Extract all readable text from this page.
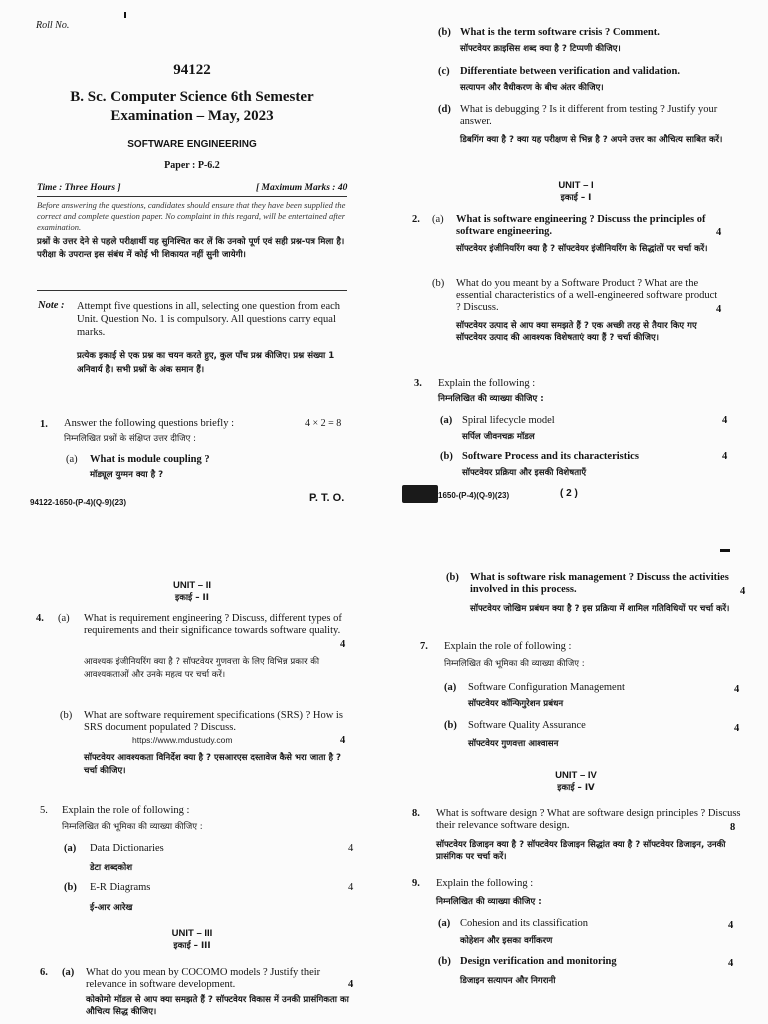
Roll No.
94122
B. Sc. Computer Science 6th Semester
Examination – May, 2023
SOFTWARE ENGINEERING
Paper : P-6.2
Time : Three Hours ]	[ Maximum Marks : 40
Before answering the questions, candidates should ensure that they have been supplied the correct and complete question paper. No complaint in this regard, will be entertained after examination.
प्रश्नों के उत्तर देने से पहले परीक्षार्थी यह सुनिश्चित कर लें कि उनको पूर्ण एवं सही प्रश्न-पत्र मिला है। परीक्षा के उपरान्त इस संबंध में कोई भी शिकायत नहीं सुनी जायेगी।
Note : Attempt five questions in all, selecting one question from each Unit. Question No. 1 is compulsory. All questions carry equal marks.
प्रत्येक इकाई से एक प्रश्न का चयन करते हुए, कुल पाँच प्रश्न कीजिए। प्रश्न संख्या 1 अनिवार्य है। सभी प्रश्नों के अंक समान हैं।
1. Answer the following questions briefly :	4 × 2 = 8
निम्नलिखित प्रश्नों के संक्षिप्त उत्तर दीजिए :
(a) What is module coupling ?
मॉड्यूल युग्मन क्या है ?
94122-1650-(P-4)(Q-9)(23)	P. T. O.
(b) What is the term software crisis ? Comment.
सॉफ्टवेयर क्राइसिस शब्द क्या है ? टिप्पणी कीजिए।
(c) Differentiate between verification and validation.
सत्यापन और वैधीकरण के बीच अंतर कीजिए।
(d) What is debugging ? Is it different from testing ? Justify your answer.
डिबगिंग क्या है ? क्या यह परीक्षण से भिन्न है ? अपने उत्तर का औचित्य साबित करें।
UNIT – I
इकाई – I
2. (a) What is software engineering ? Discuss the principles of software engineering.	4
सॉफ्टवेयर इंजीनियरिंग क्या है ? सॉफ्टवेयर इंजीनियरिंग के सिद्धांतों पर चर्चा करें।
(b) What do you meant by a Software Product ? What are the essential characteristics of a well-engineered software product ? Discuss.	4
सॉफ्टवेयर उत्पाद से आप क्या समझते हैं ? एक अच्छी तरह से तैयार किए गए सॉफ्टवेयर उत्पाद की आवश्यक विशेषताएं क्या हैं ? चर्चा कीजिए।
3. Explain the following :
निम्नलिखित की व्याख्या कीजिए :
(a) Spiral lifecycle model	4
सर्पिल जीवनचक्र मॉडल
(b) Software Process and its characteristics	4
सॉफ्टवेयर प्रक्रिया और इसकी विशेषताएँ
1650-(P-4)(Q-9)(23)	( 2 )
UNIT – II
इकाई – II
4. (a) What is requirement engineering ? Discuss, different types of requirements and their significance towards software quality.
4
आवश्यक इंजीनियरिंग क्या है ? सॉफ्टवेयर गुणवत्ता के लिए विभिन्न प्रकार की आवश्यकताओं और उनके महत्व पर चर्चा करें।
(b) What are software requirement specifications (SRS) ? How is SRS document populated ? Discuss.
https://www.mdustudy.com	4
सॉफ्टवेयर आवश्यकता विनिर्देश क्या है ? एसआरएस दस्तावेज कैसे भरा जाता है ? चर्चा कीजिए।
5. Explain the role of following :
निम्नलिखित की भूमिका की व्याख्या कीजिए :
(a) Data Dictionaries	4
डेटा शब्दकोश
(b) E-R Diagrams	4
ई-आर आरेख
UNIT – III
इकाई – III
6. (a) What do you mean by COCOMO models ? Justify their relevance in software development.	4
कोकोमो मॉडल से आप क्या समझते हैं ? सॉफ्टवेयर विकास में उनकी प्रासंगिकता का औचित्य सिद्ध कीजिए।
(b) What is software risk management ? Discuss the activities involved in this process.	4
सॉफ्टवेयर जोखिम प्रबंधन क्या है ? इस प्रक्रिया में शामिल गतिविधियों पर चर्चा करें।
7. Explain the role of following :
निम्नलिखित की भूमिका की व्याख्या कीजिए :
(a) Software Configuration Management	4
सॉफ्टवेयर कॉन्फिगुरेशन प्रबंधन
(b) Software Quality Assurance	4
सॉफ्टवेयर गुणवत्ता आश्वासन
UNIT – IV
इकाई – IV
8. What is software design ? What are software design principles ? Discuss their relevance software design.	8
सॉफ्टवेयर डिजाइन क्या है ? सॉफ्टवेयर डिजाइन सिद्धांत क्या है ? सॉफ्टवेयर डिजाइन, उनकी प्रासंगिक पर चर्चा करें।
9. Explain the following :
निम्नलिखित की व्याख्या कीजिए :
(a) Cohesion and its classification	4
कोहेशन और इसका वर्गीकरण
(b) Design verification and monitoring	4
डिजाइन सत्यापन और निगरानी
